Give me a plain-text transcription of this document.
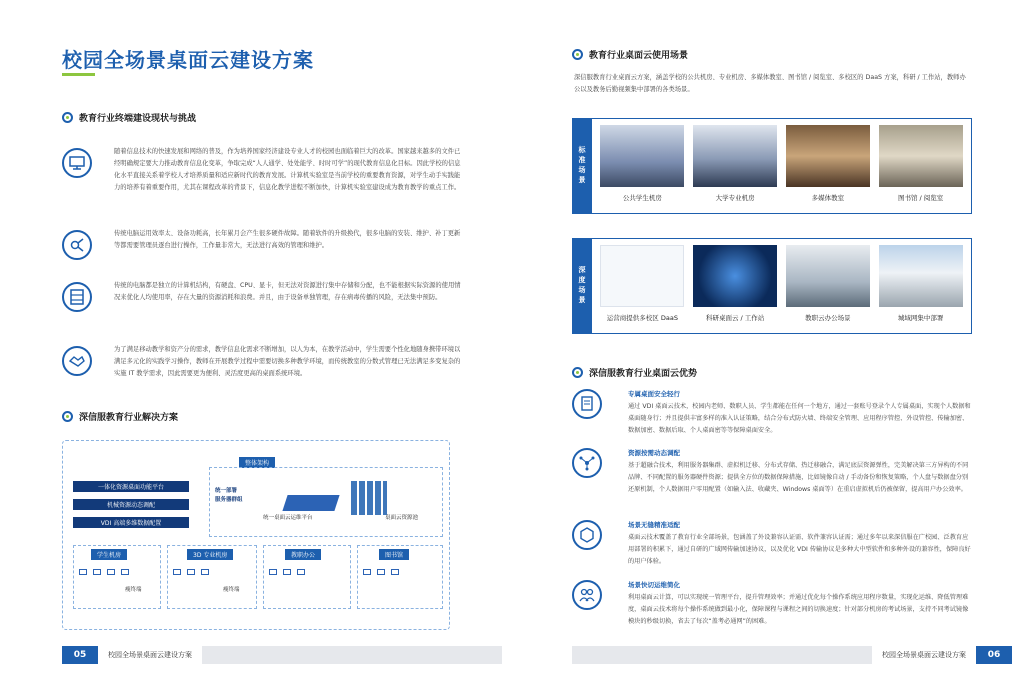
校园全场景桌面云建设方案
教育行业终端建设现状与挑战
随着信息技术的快速发展和网络的普及，作为培养国家经济建设专业人才的校园也面临着巨大的改革。国家越来越多的文件已经明确规定要大力推动教育信息化变革，争取完成“人人通学、处处能学、时时可学”的现代教育信息化目标。因此学校的信息化水平直接关系着学校人才培养质量和适应新时代的教育发展。计算机实验室是当前学校的重要教育资源，对学生动手实践能力的培养有着重要作用，尤其在课程改革的背景下，信息化教学进程不断加快，计算机实验室建设成为教育教学的重点工作。
传统电脑运用效率太、设备功耗高，长年累月会产生很多硬件故障。随着软件的升级换代，很多电脑的安装、维护、补丁更新等都需要管理员逐台进行操作，工作量非常大，无法进行高效的管理和维护。
传统的电脑都是独立的计算机结构，有硬盘、CPU、显卡，但无法对资源进行集中存储和分配，也不能根据实际资源的使用情况来优化人均使用率，存在大量的资源消耗和浪费。并且，由于设备单独管理，存在病毒传播的风险，无法集中预防。
为了满足移动教学和资产分的需求，教学信息化需求不断增加，以人为本，在教学活动中，学生需要个性化地随身携带环境以满足多元化的实践学习操作，教师在开展教学过程中需要切换多种教学环境，而传统教室的分数式管理已无法满足多变复杂的实施 IT 教学需求，因此需要更为便利、灵活度更高的桌面系统环境。
深信服教育行业解决方案
整体架构
一体化资源桌面功能平台
机械资源动态调配
VDI 高端多维数据配置
统一部署
服务器群组
统一桌面云运维平台	桌面云资源池
学生机房	3D 专业机房	教职办公	图书馆
瘦终端	瘦终端
05	校园全场景桌面云建设方案
教育行业桌面云使用场景
深信服教育行业桌面云方案，涵盖学校的公共机房、专业机房、多媒体教室、图书馆 / 阅览室、多校区的 DaaS 方案，科研 / 工作站，教师办公以及教务后勤视频集中部署的各类场景。
标准场景
公共学生机房	大学专业机房	多媒体教室	图书馆 / 阅览室
深度场景
运营商提供多校区 DaaS	科研桌面云 / 工作站	教职云办公场景	城域网集中部署
深信服教育行业桌面云优势
专属桌面安全轻行
通过 VDI 桌面云技术，校园内老师、数职人员、学生都能在任何一个地方，通过一套账号登录个人专属桌面，实现个人数据和桌面随身行；并且提供丰富多样的准入认证策略，结合分布式防火墙、终端安全管理、应用程序管控、外设管控、传输加密、数据加密、数据后取、个人桌面密等等保障桌面安全。
资源按需动态调配
基于超融合技术，利用服务器集群、虚拟机迁移、分布式存储、热迁移融合，满足底层资源弹性，完美解决第三方异构的不同品牌、不同配置的服务器硬件资源；提供全方位的数据保障措施，比如镜像自动 / 手动备份和恢复策略，个人盘与数据盘分别还原机制，个人数据用户零用配置（如输入法、收藏夹、Windows 桌面等）在重启虚拟机后仍被保留，提高用户办公效率。
场景无缝精准适配
桌面云技术覆盖了教育行业全部场景，包涵盖了外设兼容认证需、软件兼容认证需；通过多年以来深信服在广校园、泛教育应用部署的积累下，通过自研的广域网传输加速协议，以及优化 VDI 传输协议是多种大中型软件和多种外设的兼容性，保障良好的用户体验。
场景快切运维简化
利用桌面云计算，可以实现统一管理平台，提升管理效率；并通过优化每个操作系统应用程序数量，实现化运维、降低管理难度，桌面云技术将每个操作系统做到最小化，保障课程与课程之间的切换速度；针对部分机房的考试场景，支持不同考试镜像模块的秒级切换，省去了每次“盖考必通网”的困难。
校园全场景桌面云建设方案	06
